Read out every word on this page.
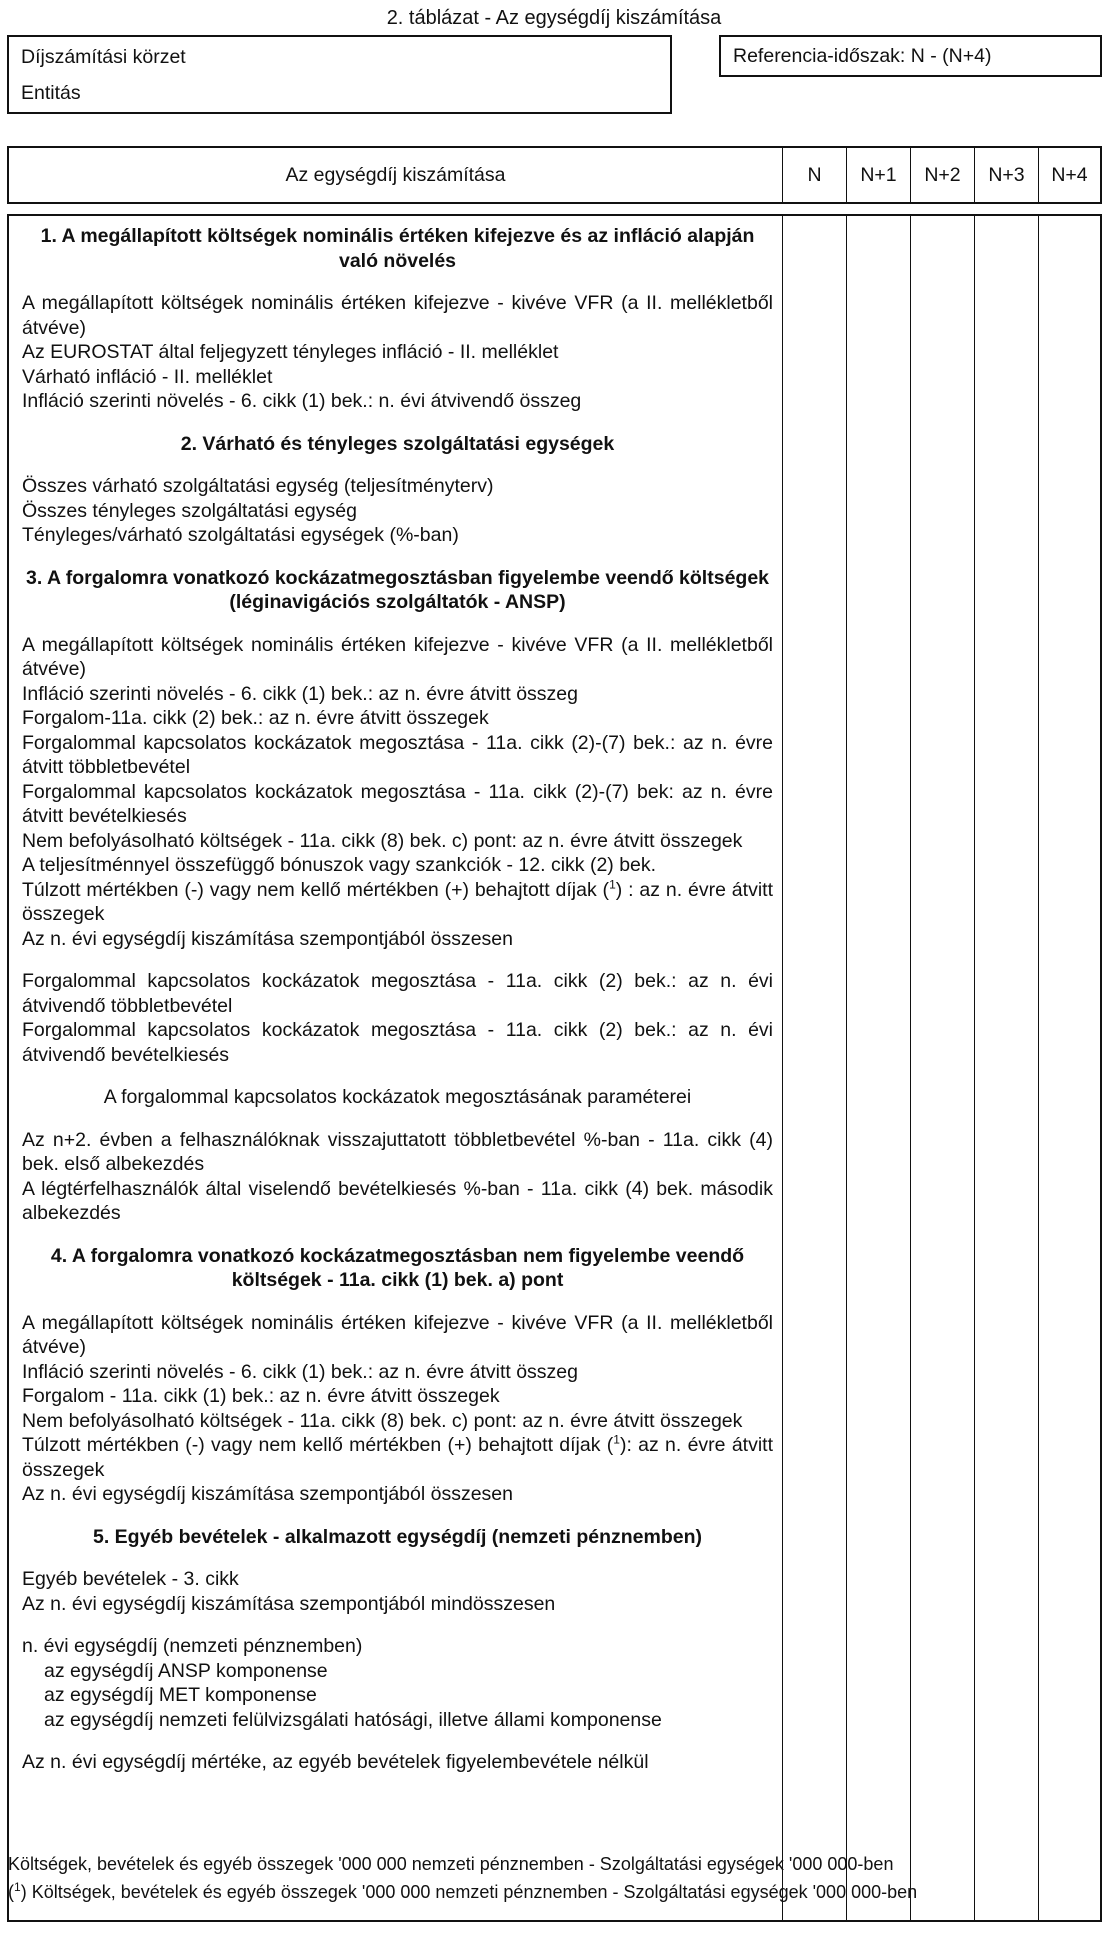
2. táblázat - Az egységdíj kiszámítása
Díjszámítási körzet
Entitás
Referencia-időszak: N - (N+4)
Az egységdíj kiszámítása	N	N+1	N+2	N+3	N+4
1. A megállapított költségek nominális értéken kifejezve és az infláció alapján való növelés
A megállapított költségek nominális értéken kifejezve - kivéve VFR (a II. mellékletből átvéve)
Az EUROSTAT által feljegyzett tényleges infláció - II. melléklet
Várható infláció - II. melléklet
Infláció szerinti növelés - 6. cikk (1) bek.: n. évi átvivendő összeg
2. Várható és tényleges szolgáltatási egységek
Összes várható szolgáltatási egység (teljesítményterv)
Összes tényleges szolgáltatási egység
Tényleges/várható szolgáltatási egységek (%-ban)
3. A forgalomra vonatkozó kockázatmegosztásban figyelembe veendő költségek (léginavigációs szolgáltatók - ANSP)
A megállapított költségek nominális értéken kifejezve - kivéve VFR (a II. mellékletből átvéve)
Infláció szerinti növelés - 6. cikk (1) bek.: az n. évre átvitt összeg
Forgalom-11a. cikk (2) bek.: az n. évre átvitt összegek
Forgalommal kapcsolatos kockázatok megosztása - 11a. cikk (2)-(7) bek.: az n. évre átvitt többletbevétel
Forgalommal kapcsolatos kockázatok megosztása - 11a. cikk (2)-(7) bek: az n. évre átvitt bevételkiesés
Nem befolyásolható költségek - 11a. cikk (8) bek. c) pont: az n. évre átvitt összegek
A teljesítménnyel összefüggő bónuszok vagy szankciók - 12. cikk (2) bek.
Túlzott mértékben (-) vagy nem kellő mértékben (+) behajtott díjak ($^1$) : az n. évre átvitt összegek
Az n. évi egységdíj kiszámítása szempontjából összesen
Forgalommal kapcsolatos kockázatok megosztása - 11a. cikk (2) bek.: az n. évi átvivendő többletbevétel
Forgalommal kapcsolatos kockázatok megosztása - 11a. cikk (2) bek.: az n. évi átvivendő bevételkiesés
A forgalommal kapcsolatos kockázatok megosztásának paraméterei
Az n+2. évben a felhasználóknak visszajuttatott többletbevétel %-ban - 11a. cikk (4) bek. első albekezdés
A légtérfelhasználók által viselendő bevételkiesés %-ban - 11a. cikk (4) bek. második albekezdés
4. A forgalomra vonatkozó kockázatmegosztásban nem figyelembe veendő költségek - 11a. cikk (1) bek. a) pont
A megállapított költségek nominális értéken kifejezve - kivéve VFR (a II. mellékletből átvéve)
Infláció szerinti növelés - 6. cikk (1) bek.: az n. évre átvitt összeg
Forgalom - 11a. cikk (1) bek.: az n. évre átvitt összegek
Nem befolyásolható költségek - 11a. cikk (8) bek. c) pont: az n. évre átvitt összegek
Túlzott mértékben (-) vagy nem kellő mértékben (+) behajtott díjak ($^1$): az n. évre átvitt összegek
Az n. évi egységdíj kiszámítása szempontjából összesen
5. Egyéb bevételek - alkalmazott egységdíj (nemzeti pénznemben)
Egyéb bevételek - 3. cikk
Az n. évi egységdíj kiszámítása szempontjából mindösszesen
n. évi egységdíj (nemzeti pénznemben)
az egységdíj ANSP komponense
az egységdíj MET komponense
az egységdíj nemzeti felülvizsgálati hatósági, illetve állami komponense
Az n. évi egységdíj mértéke, az egyéb bevételek figyelembevétele nélkül
Költségek, bevételek és egyéb összegek '000 000 nemzeti pénznemben - Szolgáltatási egységek '000 000-ben
($^1$) Költségek, bevételek és egyéb összegek '000 000 nemzeti pénznemben - Szolgáltatási egységek '000 000-ben
